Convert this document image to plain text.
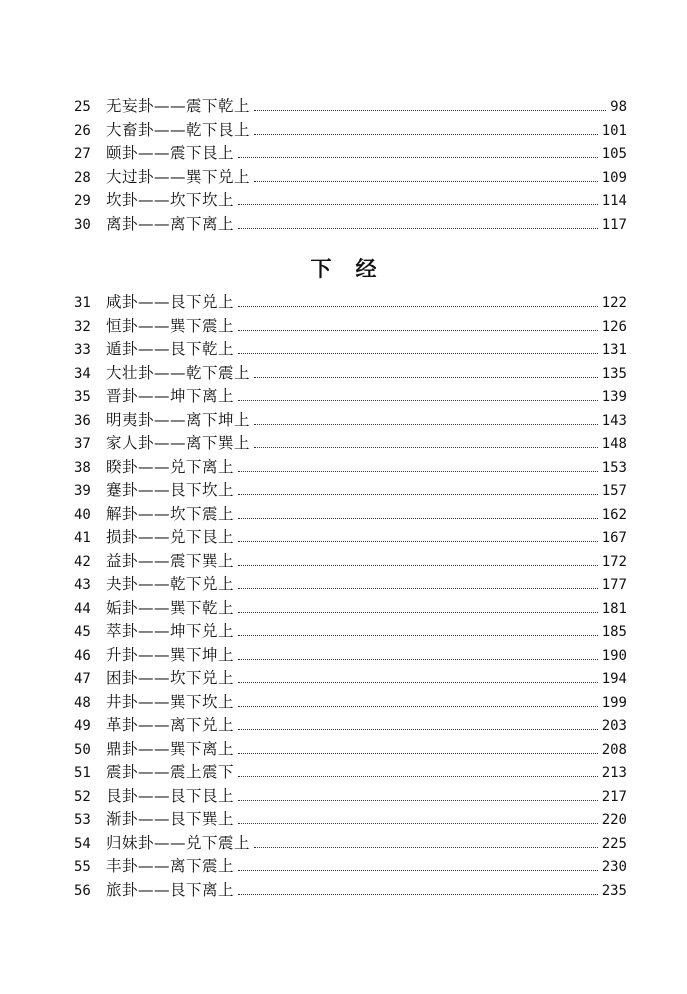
25 无妄卦——震下乾上	98
26 大畜卦——乾下艮上	101
27 颐卦——震下艮上	105
28 大过卦——巽下兑上	109
29 坎卦——坎下坎上	114
30 离卦——离下离上	117
下经
31 咸卦——艮下兑上	122
32 恒卦——巽下震上	126
33 遁卦——艮下乾上	131
34 大壮卦——乾下震上	135
35 晋卦——坤下离上	139
36 明夷卦——离下坤上	143
37 家人卦——离下巽上	148
38 睽卦——兑下离上	153
39 蹇卦——艮下坎上	157
40 解卦——坎下震上	162
41 损卦——兑下艮上	167
42 益卦——震下巽上	172
43 夬卦——乾下兑上	177
44 姤卦——巽下乾上	181
45 萃卦——坤下兑上	185
46 升卦——巽下坤上	190
47 困卦——坎下兑上	194
48 井卦——巽下坎上	199
49 革卦——离下兑上	203
50 鼎卦——巽下离上	208
51 震卦——震上震下	213
52 艮卦——艮下艮上	217
53 渐卦——艮下巽上	220
54 归妹卦——兑下震上	225
55 丰卦——离下震上	230
56 旅卦——艮下离上	235
